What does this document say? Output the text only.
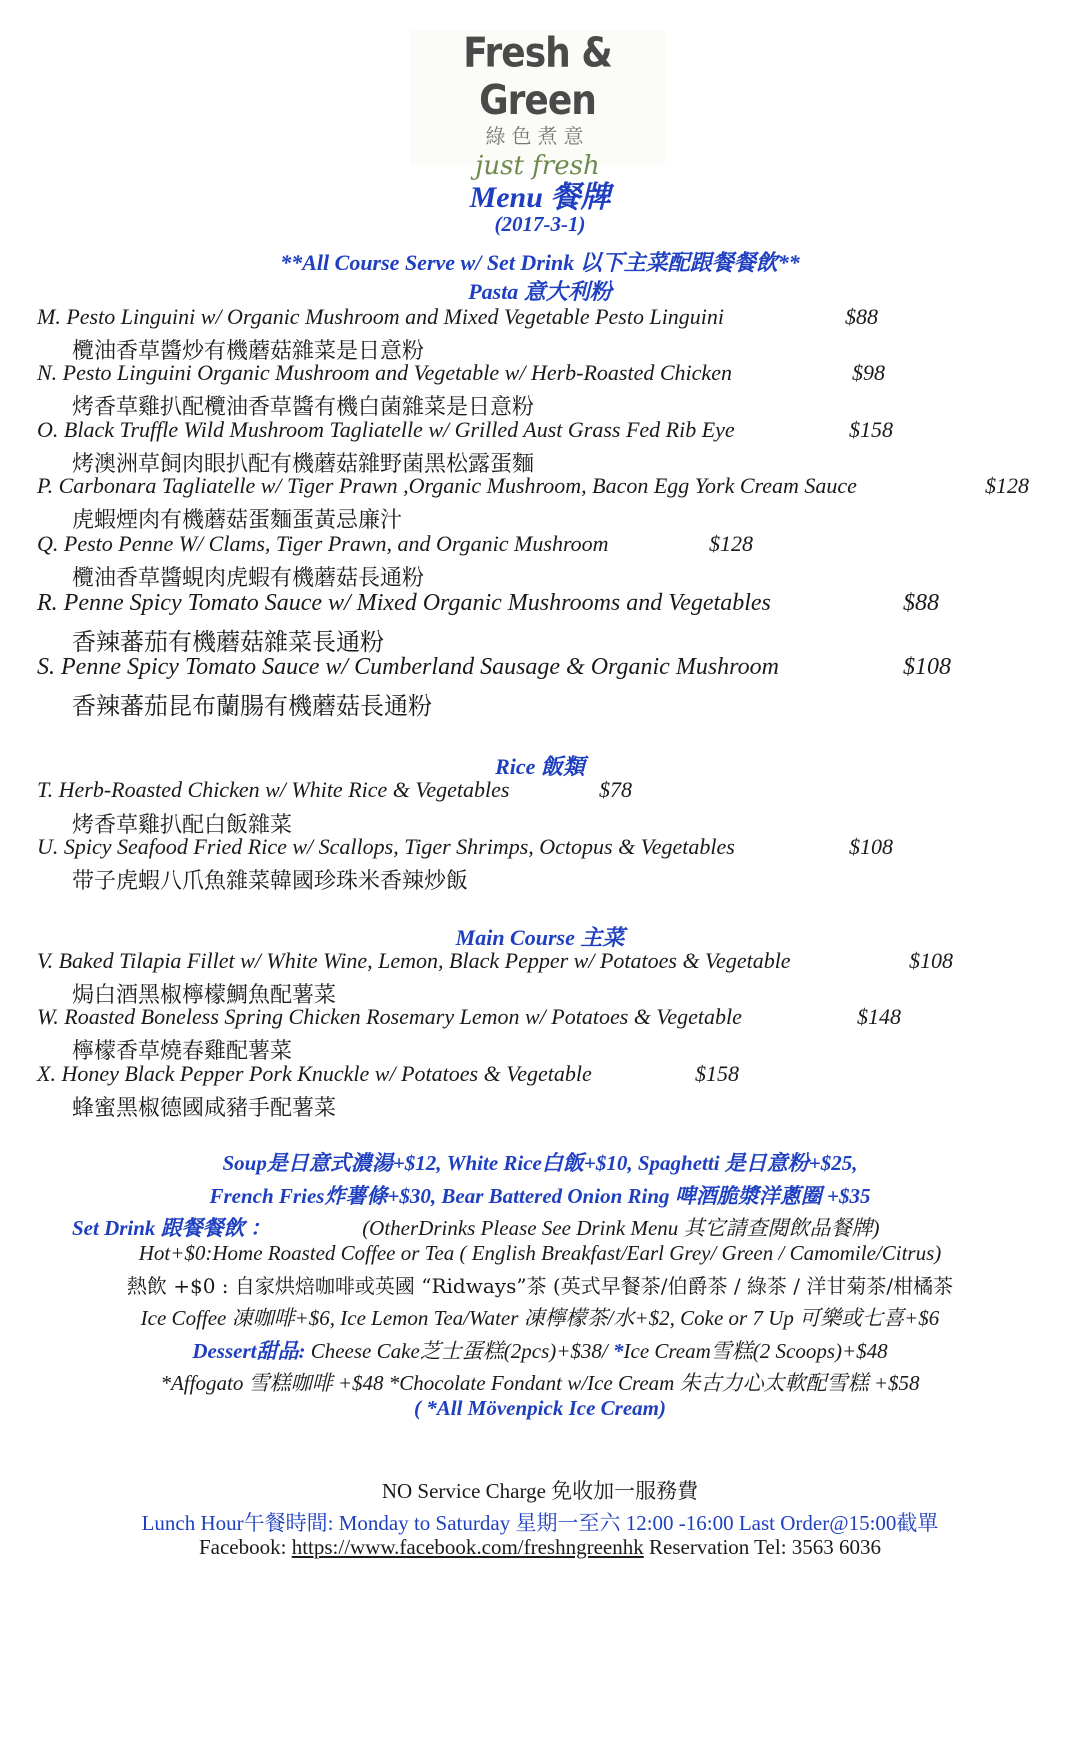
Fresh & Green
綠色煮意
just fresh
Menu 餐牌
(2017-3-1)
**All Course Serve w/ Set Drink 以下主菜配跟餐餐飲**
Pasta 意大利粉
M. Pesto Linguini w/ Organic Mushroom and Mixed Vegetable Pesto Linguini	$88
欖油香草醬炒有機蘑菇雜菜是日意粉
N. Pesto Linguini Organic Mushroom and Vegetable w/ Herb-Roasted Chicken	$98
烤香草雞扒配欖油香草醬有機白菌雜菜是日意粉
O. Black Truffle Wild Mushroom Tagliatelle w/ Grilled Aust Grass Fed Rib Eye	$158
烤澳洲草飼肉眼扒配有機蘑菇雜野菌黑松露蛋麵
P. Carbonara Tagliatelle w/ Tiger Prawn ,Organic Mushroom, Bacon Egg York Cream Sauce	$128
虎蝦煙肉有機蘑菇蛋麵蛋黃忌廉汁
Q. Pesto Penne W/ Clams, Tiger Prawn, and Organic Mushroom	$128
欖油香草醬蜆肉虎蝦有機蘑菇長通粉
R. Penne Spicy Tomato Sauce w/ Mixed Organic Mushrooms and Vegetables	$88
香辣蕃茄有機蘑菇雜菜長通粉
S. Penne Spicy Tomato Sauce w/ Cumberland Sausage & Organic Mushroom	$108
香辣蕃茄昆布蘭腸有機蘑菇長通粉
Rice 飯類
T. Herb-Roasted Chicken w/ White Rice & Vegetables	$78
烤香草雞扒配白飯雜菜
U. Spicy Seafood Fried Rice w/ Scallops, Tiger Shrimps, Octopus & Vegetables	$108
带子虎蝦八爪魚雜菜韓國珍珠米香辣炒飯
Main Course 主菜
V. Baked Tilapia Fillet w/ White Wine, Lemon, Black Pepper w/ Potatoes & Vegetable	$108
焗白酒黑椒檸檬鯛魚配薯菜
W. Roasted Boneless Spring Chicken Rosemary Lemon w/ Potatoes & Vegetable	$148
檸檬香草燒春雞配薯菜
X. Honey Black Pepper Pork Knuckle w/ Potatoes & Vegetable	$158
蜂蜜黑椒德國咸豬手配薯菜
Soup是日意式濃湯+$12, White Rice白飯+$10, Spaghetti 是日意粉+$25,
French Fries炸薯條+$30, Bear Battered Onion Ring 啤酒脆漿洋蔥圈 +$35
Set Drink 跟餐餐飲 ：	(OtherDrinks Please See Drink Menu 其它請查閱飲品餐牌)
Hot+$0:Home Roasted Coffee or Tea ( English Breakfast/Earl Grey/ Green / Camomile/Citrus)
熱飲 +$0 : 自家烘焙咖啡或英國 “Ridways”茶 (英式早餐茶/伯爵茶 / 綠茶 / 洋甘菊茶/柑橘茶
Ice Coffee 凍咖啡+$6, Ice Lemon Tea/Water 凍檸檬茶/水+$2, Coke or 7 Up 可樂或七喜+$6
Dessert甜品: Cheese Cake芝士蛋糕(2pcs)+$38/ *Ice Cream雪糕(2 Scoops)+$48
*Affogato 雪糕咖啡 +$48 *Chocolate Fondant w/Ice Cream 朱古力心太軟配雪糕 +$58
( *All Mövenpick Ice Cream)
NO Service Charge 免收加一服務費
Lunch Hour午餐時間: Monday to Saturday 星期一至六 12:00 -16:00 Last Order@15:00截單
Facebook: https://www.facebook.com/freshngreenhk Reservation Tel: 3563 6036
